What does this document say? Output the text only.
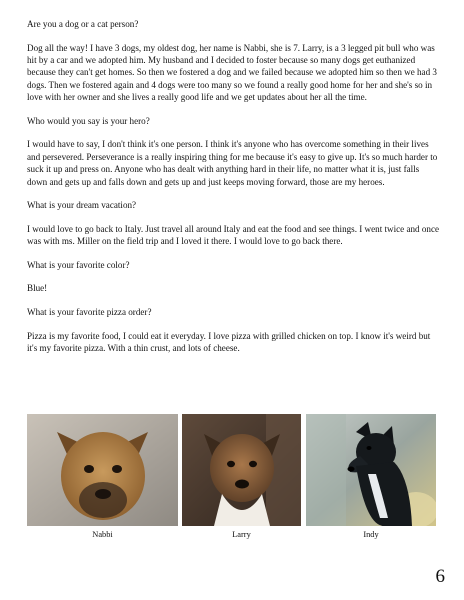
Are you a dog or a cat person?

Dog all the way! I have 3 dogs, my oldest dog, her name is Nabbi, she is 7. Larry, is a 3 legged pit bull who was hit by a car and we adopted him. My husband and I decided to foster because so many dogs get euthanized because they can't get homes. So then we fostered a dog and we failed because we adopted him so then we had 3 dogs. Then we fostered again and 4 dogs were too many so we found a really good home for her and she's so in love with her owner and she lives a really good life and we get updates about her all the time.

Who would you say is your hero?

I would have to say, I don't think it's one person. I think it's anyone who has overcome something in their lives and persevered. Perseverance is a really inspiring thing for me because it's easy to give up. It's so much harder to suck it up and press on. Anyone who has dealt with anything hard in their life, no matter what it is, just falls down and gets up and falls down and gets up and just keeps moving forward, those are my heroes.

What is your dream vacation?

I would love to go back to Italy. Just travel all around Italy and eat the food and see things. I went twice and once was with ms. Miller on the field trip and I loved it there. I would love to go back there.

What is your favorite color?

Blue!

What is your favorite pizza order?

Pizza is my favorite food, I could eat it everyday. I love pizza with grilled chicken on top. I know it's weird but it's my favorite pizza. With a thin crust, and lots of cheese.

Nabbi	Larry	Indy
6
